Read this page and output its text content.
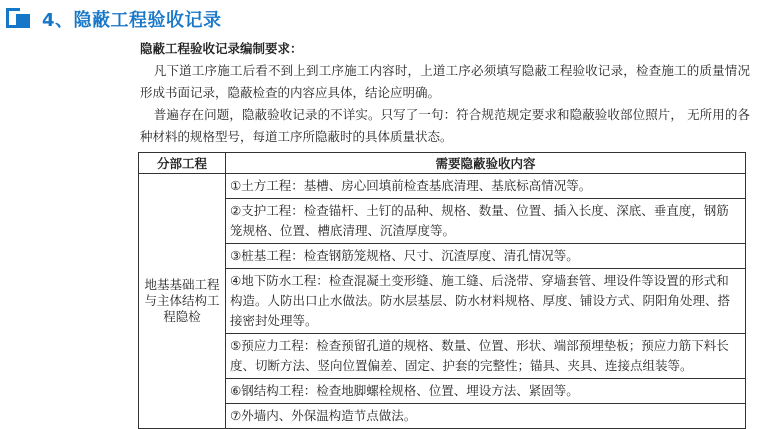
4、隐蔽工程验收记录
隐蔽工程验收记录编制要求：

凡下道工序施工后看不到上到工序施工内容时，上道工序必须填写隐蔽工程验收记录，检查施工的质量情况形成书面记录，隐蔽检查的内容应具体，结论应明确。

普遍存在问题，隐蔽验收记录的不详实。只写了一句：符合规范规定要求和隐蔽验收部位照片， 无所用的各种材料的规格型号，每道工序所隐蔽时的具体质量状态。

分部工程	需要隐蔽验收内容
地基基础工程与主体结构工程隐检	①土方工程：基槽、房心回填前检查基底清理、基底标高情况等。
	②支护工程：检查锚杆、土钉的品种、规格、数量、位置、插入长度、深底、垂直度，钢筋笼规格、位置、槽底清理、沉渣厚度等。
	③桩基工程：检查钢筋笼规格、尺寸、沉渣厚度、清孔情况等。
	④地下防水工程：检查混凝土变形缝、施工缝、后浇带、穿墙套管、埋设件等设置的形式和构造。人防出口止水做法。防水层基层、防水材料规格、厚度、铺设方式、阴阳角处理、搭接密封处理等。
	⑤预应力工程：检查预留孔道的规格、数量、位置、形状、端部预埋垫板；预应力筋下料长度、切断方法、竖向位置偏差、固定、护套的完整性；锚具、夹具、连接点组装等。
	⑥钢结构工程：检查地脚螺栓规格、位置、埋设方法、紧固等。
	⑦外墙内、外保温构造节点做法。
